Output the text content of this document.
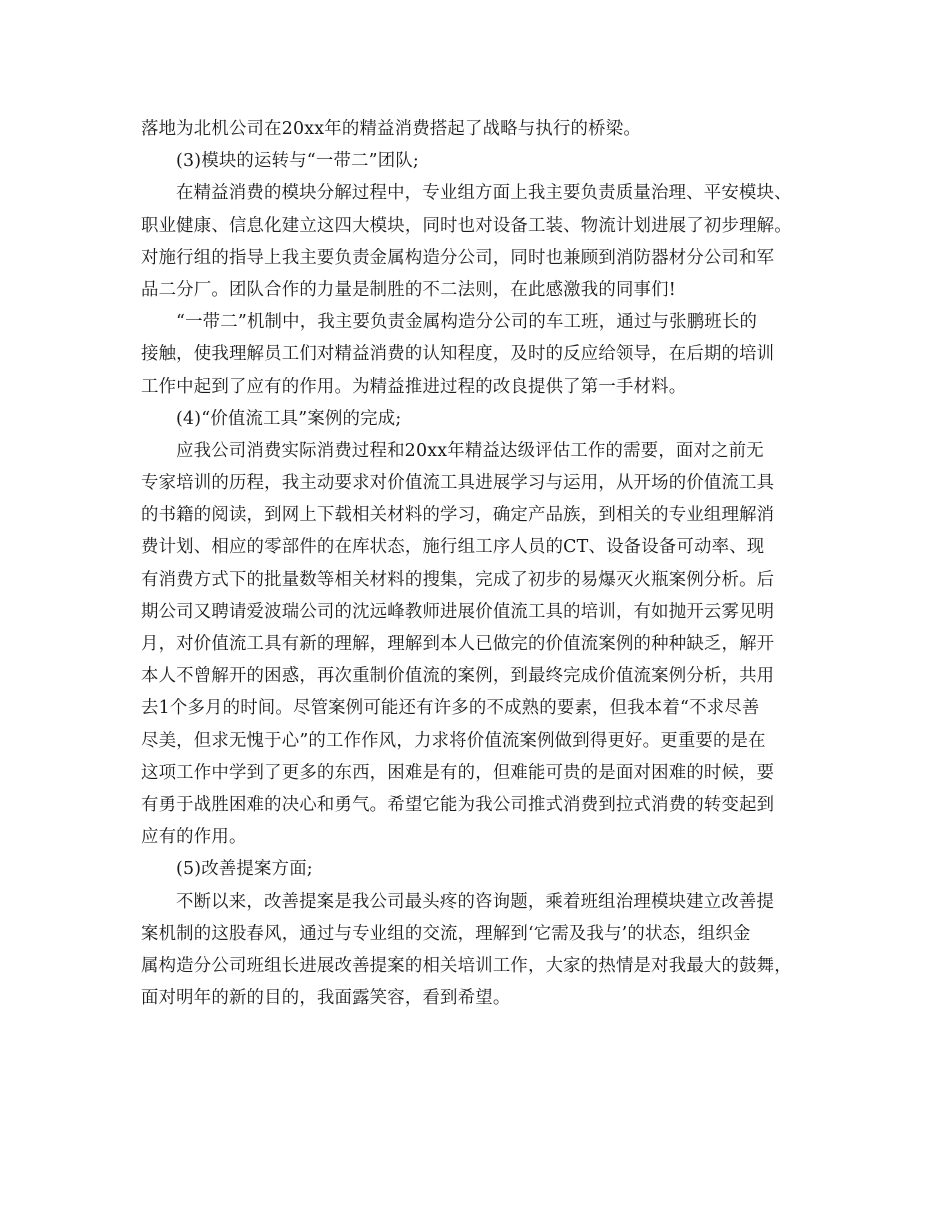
落地为北机公司在20xx年的精益消费搭起了战略与执行的桥梁。
(3)模块的运转与“一带二”团队;
在精益消费的模块分解过程中，专业组方面上我主要负责质量治理、平安模块、
职业健康、信息化建立这四大模块，同时也对设备工装、物流计划进展了初步理解。
对施行组的指导上我主要负责金属构造分公司，同时也兼顾到消防器材分公司和军
品二分厂。团队合作的力量是制胜的不二法则，在此感激我的同事们!
“一带二”机制中，我主要负责金属构造分公司的车工班，通过与张鹏班长的
接触，使我理解员工们对精益消费的认知程度，及时的反应给领导，在后期的培训
工作中起到了应有的作用。为精益推进过程的改良提供了第一手材料。
(4)“价值流工具”案例的完成;
应我公司消费实际消费过程和20xx年精益达级评估工作的需要，面对之前无
专家培训的历程，我主动要求对价值流工具进展学习与运用，从开场的价值流工具
的书籍的阅读，到网上下载相关材料的学习，确定产品族，到相关的专业组理解消
费计划、相应的零部件的在库状态，施行组工序人员的CT、设备设备可动率、现
有消费方式下的批量数等相关材料的搜集，完成了初步的易爆灭火瓶案例分析。后
期公司又聘请爱波瑞公司的沈远峰教师进展价值流工具的培训，有如抛开云雾见明
月，对价值流工具有新的理解，理解到本人已做完的价值流案例的种种缺乏，解开
本人不曾解开的困惑，再次重制价值流的案例，到最终完成价值流案例分析，共用
去1个多月的时间。尽管案例可能还有许多的不成熟的要素，但我本着“不求尽善
尽美，但求无愧于心”的工作作风，力求将价值流案例做到得更好。更重要的是在
这项工作中学到了更多的东西，困难是有的，但难能可贵的是面对困难的时候，要
有勇于战胜困难的决心和勇气。希望它能为我公司推式消费到拉式消费的转变起到
应有的作用。
(5)改善提案方面;
不断以来，改善提案是我公司最头疼的咨询题，乘着班组治理模块建立改善提
案机制的这股春风，通过与专业组的交流，理解到‘它需及我与’的状态，组织金
属构造分公司班组长进展改善提案的相关培训工作，大家的热情是对我最大的鼓舞，
面对明年的新的目的，我面露笑容，看到希望。
